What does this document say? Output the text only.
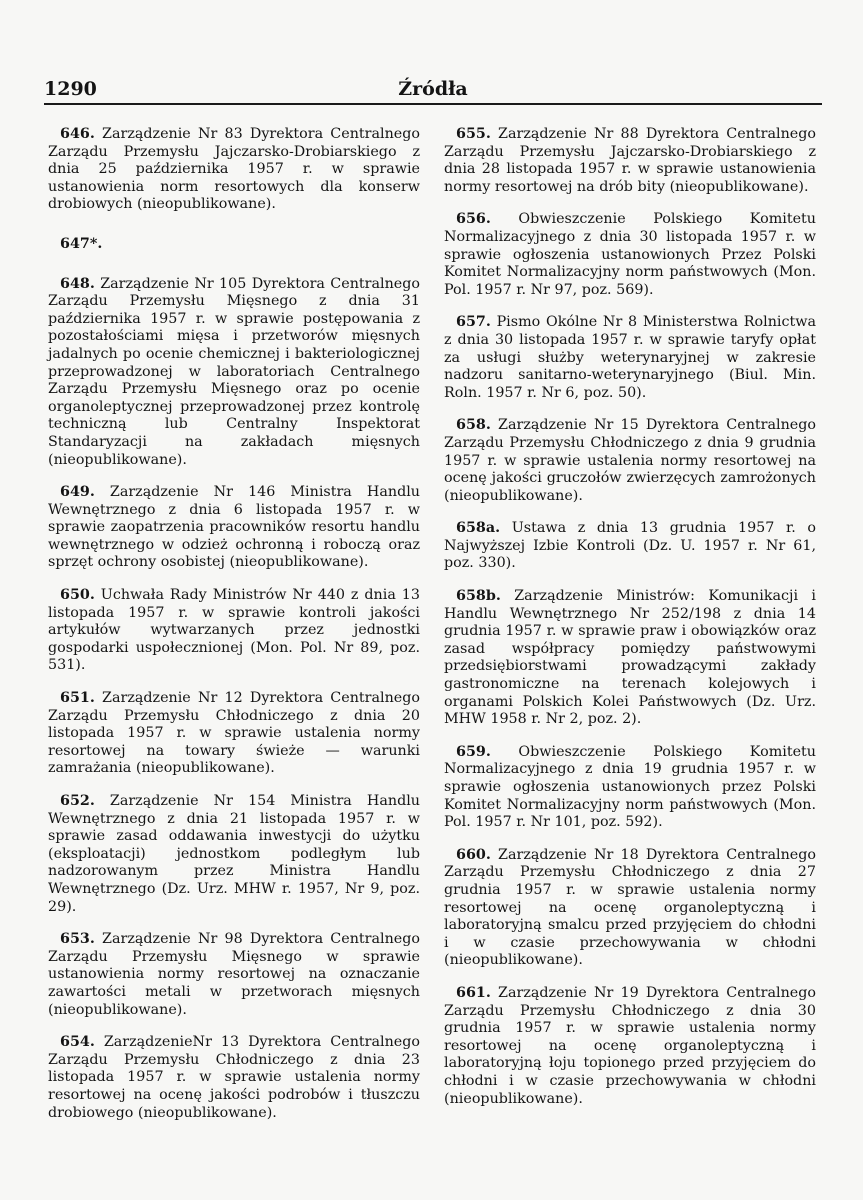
1290	Źródła

646. Zarządzenie Nr 83 Dyrektora Centralnego Zarządu Przemysłu Jajczarsko-Drobiarskiego z dnia 25 października 1957 r. w sprawie ustanowienia norm resortowych dla konserw drobiowych (nieopublikowane).

647*.

648. Zarządzenie Nr 105 Dyrektora Centralnego Zarządu Przemysłu Mięsnego z dnia 31 października 1957 r. w sprawie postępowania z pozostałościami mięsa i przetworów mięsnych jadalnych po ocenie chemicznej i bakteriologicznej przeprowadzonej w laboratoriach Centralnego Zarządu Przemysłu Mięsnego oraz po ocenie organoleptycznej przeprowadzonej przez kontrolę techniczną lub Centralny Inspektorat Standaryzacji na zakładach mięsnych (nieopublikowane).

649. Zarządzenie Nr 146 Ministra Handlu Wewnętrznego z dnia 6 listopada 1957 r. w sprawie zaopatrzenia pracowników resortu handlu wewnętrznego w odzież ochronną i roboczą oraz sprzęt ochrony osobistej (nieopublikowane).

650. Uchwała Rady Ministrów Nr 440 z dnia 13 listopada 1957 r. w sprawie kontroli jakości artykułów wytwarzanych przez jednostki gospodarki uspołecznionej (Mon. Pol. Nr 89, poz. 531).

651. Zarządzenie Nr 12 Dyrektora Centralnego Zarządu Przemysłu Chłodniczego z dnia 20 listopada 1957 r. w sprawie ustalenia normy resortowej na towary świeże — warunki zamrażania (nieopublikowane).

652. Zarządzenie Nr 154 Ministra Handlu Wewnętrznego z dnia 21 listopada 1957 r. w sprawie zasad oddawania inwestycji do użytku (eksploatacji) jednostkom podległym lub nadzorowanym przez Ministra Handlu Wewnętrznego (Dz. Urz. MHW r. 1957, Nr 9, poz. 29).

653. Zarządzenie Nr 98 Dyrektora Centralnego Zarządu Przemysłu Mięsnego w sprawie ustanowienia normy resortowej na oznaczanie zawartości metali w przetworach mięsnych (nieopublikowane).

654. ZarządzenieNr 13 Dyrektora Centralnego Zarządu Przemysłu Chłodniczego z dnia 23 listopada 1957 r. w sprawie ustalenia normy resortowej na ocenę jakości podrobów i tłuszczu drobiowego (nieopublikowane).

655. Zarządzenie Nr 88 Dyrektora Centralnego Zarządu Przemysłu Jajczarsko-Drobiarskiego z dnia 28 listopada 1957 r. w sprawie ustanowienia normy resortowej na drób bity (nieopublikowane).

656. Obwieszczenie Polskiego Komitetu Normalizacyjnego z dnia 30 listopada 1957 r. w sprawie ogłoszenia ustanowionych Przez Polski Komitet Normalizacyjny norm państwowych (Mon. Pol. 1957 r. Nr 97, poz. 569).

657. Pismo Okólne Nr 8 Ministerstwa Rolnictwa z dnia 30 listopada 1957 r. w sprawie taryfy opłat za usługi służby weterynaryjnej w zakresie nadzoru sanitarno-weterynaryjnego (Biul. Min. Roln. 1957 r. Nr 6, poz. 50).

658. Zarządzenie Nr 15 Dyrektora Centralnego Zarządu Przemysłu Chłodniczego z dnia 9 grudnia 1957 r. w sprawie ustalenia normy resortowej na ocenę jakości gruczołów zwierzęcych zamrożonych (nieopublikowane).

658a. Ustawa z dnia 13 grudnia 1957 r. o Najwyższej Izbie Kontroli (Dz. U. 1957 r. Nr 61, poz. 330).

658b. Zarządzenie Ministrów: Komunikacji i Handlu Wewnętrznego Nr 252/198 z dnia 14 grudnia 1957 r. w sprawie praw i obowiązków oraz zasad współpracy pomiędzy państwowymi przedsiębiorstwami prowadzącymi zakłady gastronomiczne na terenach kolejowych i organami Polskich Kolei Państwowych (Dz. Urz. MHW 1958 r. Nr 2, poz. 2).

659. Obwieszczenie Polskiego Komitetu Normalizacyjnego z dnia 19 grudnia 1957 r. w sprawie ogłoszenia ustanowionych przez Polski Komitet Normalizacyjny norm państwowych (Mon. Pol. 1957 r. Nr 101, poz. 592).

660. Zarządzenie Nr 18 Dyrektora Centralnego Zarządu Przemysłu Chłodniczego z dnia 27 grudnia 1957 r. w sprawie ustalenia normy resortowej na ocenę organoleptyczną i laboratoryjną smalcu przed przyjęciem do chłodni i w czasie przechowywania w chłodni (nieopublikowane).

661. Zarządzenie Nr 19 Dyrektora Centralnego Zarządu Przemysłu Chłodniczego z dnia 30 grudnia 1957 r. w sprawie ustalenia normy resortowej na ocenę organoleptyczną i laboratoryjną łoju topionego przed przyjęciem do chłodni i w czasie przechowywania w chłodni (nieopublikowane).
